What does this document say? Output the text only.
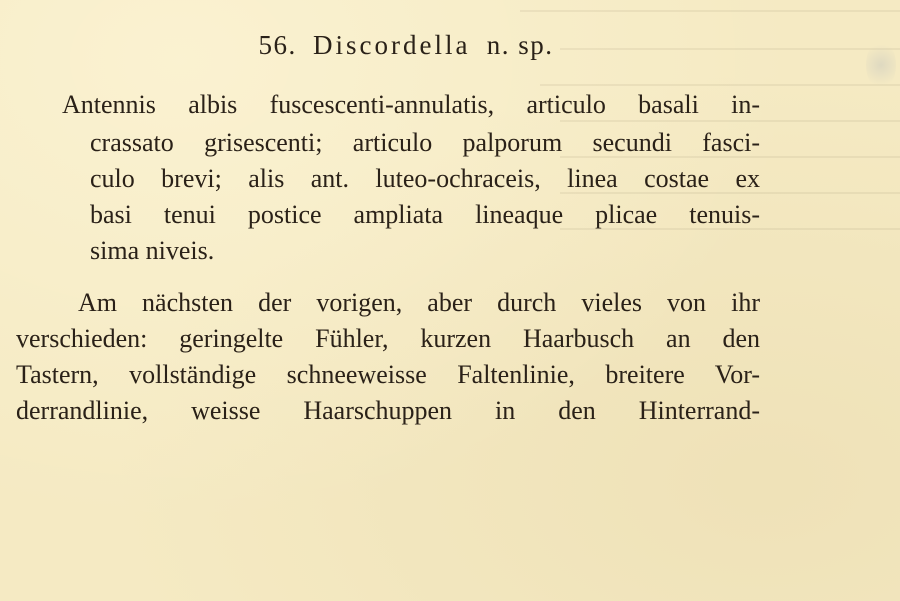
56. Discordella n. sp.
Antennis albis fuscescenti-annulatis, articulo basali in-
crassato grisescenti; articulo palporum secundi fasci-
culo brevi; alis ant. luteo-ochraceis, linea costae ex
basi tenui postice ampliata lineaque plicae tenuis-
sima niveis.
Am nächsten der vorigen, aber durch vieles von ihr
verschieden: geringelte Fühler, kurzen Haarbusch an den
Tastern, vollständige schneeweisse Faltenlinie, breitere Vor-
derrandlinie, weisse Haarschuppen in den Hinterrand-
